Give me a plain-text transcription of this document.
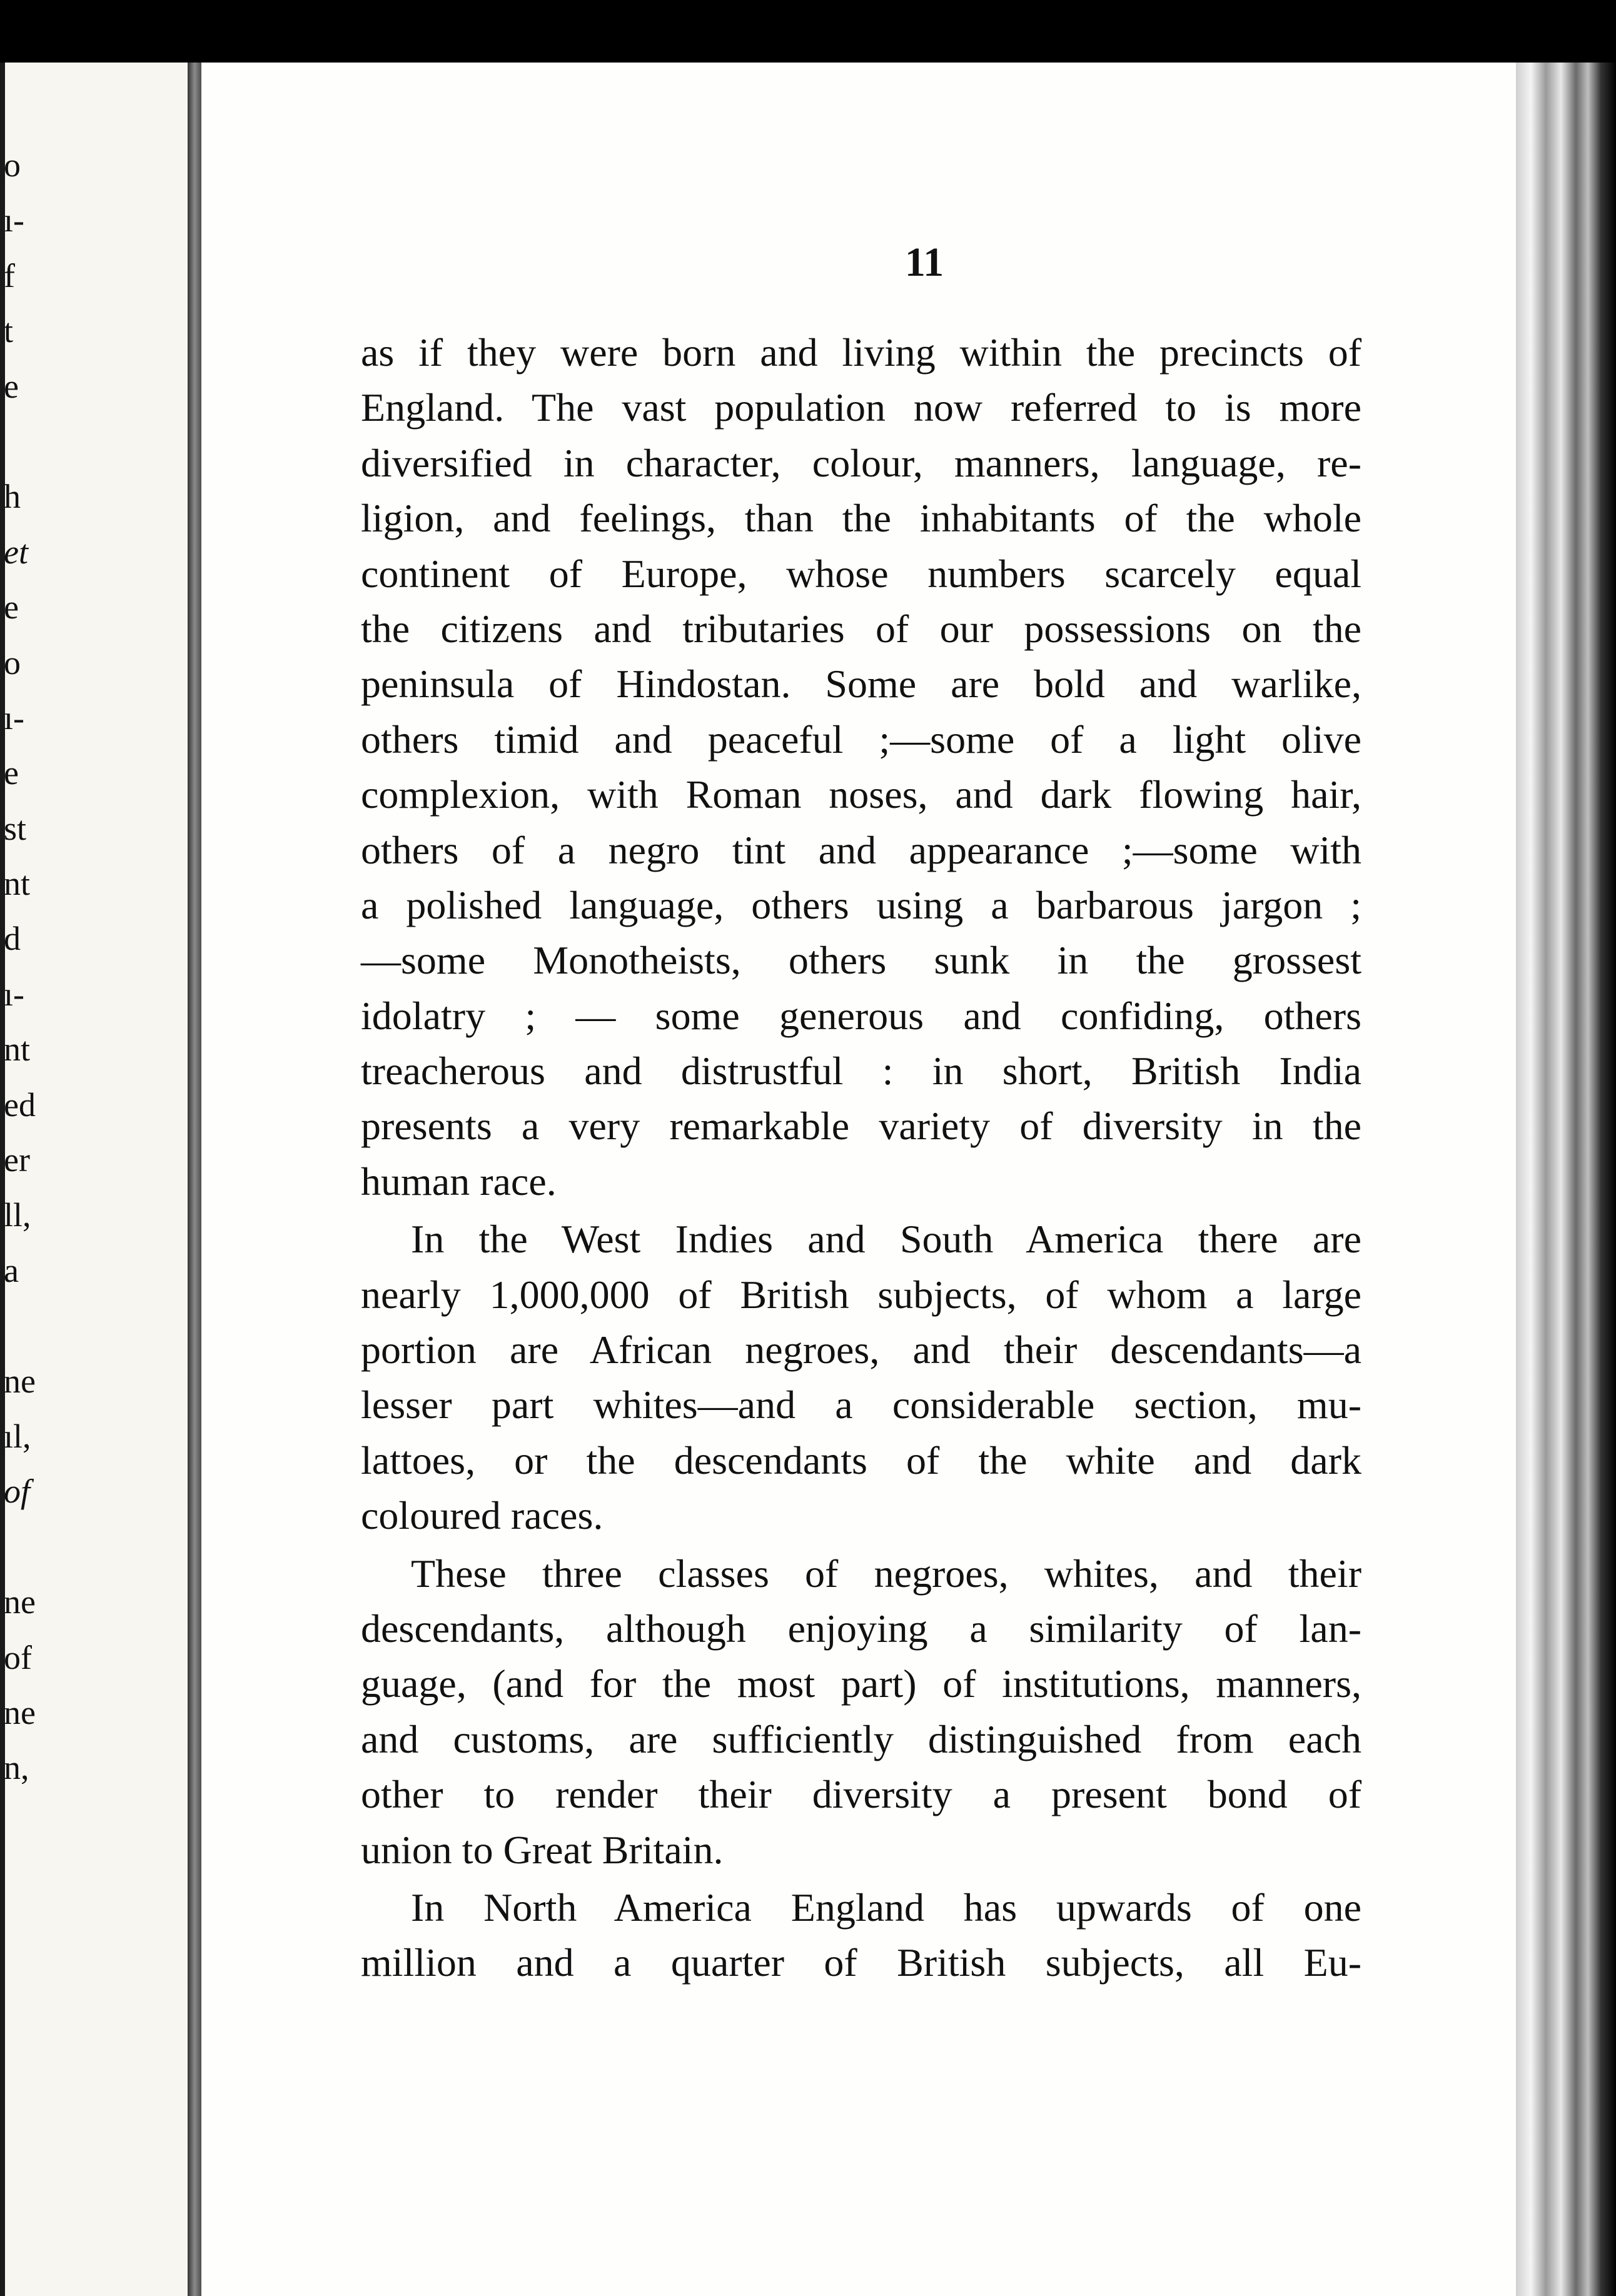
o
ı-
f
t
e
h
et
e
o
ı-
e
st
nt
d
ı-
nt
ed
er
ll,
a
ne
ıl,
of
ne
of
ne
n,
11
as if they were born and living within the precincts of
England. The vast population now referred to is more
diversified in character, colour, manners, language, re-
ligion, and feelings, than the inhabitants of the whole
continent of Europe, whose numbers scarcely equal
the citizens and tributaries of our possessions on the
peninsula of Hindostan. Some are bold and warlike,
others timid and peaceful ;—some of a light olive
complexion, with Roman noses, and dark flowing hair,
others of a negro tint and appearance ;—some with
a polished language, others using a barbarous jargon ;
—some Monotheists, others sunk in the grossest
idolatry ; — some generous and confiding, others
treacherous and distrustful : in short, British India
presents a very remarkable variety of diversity in the
human race.
In the West Indies and South America there are
nearly 1,000,000 of British subjects, of whom a large
portion are African negroes, and their descendants—a
lesser part whites—and a considerable section, mu-
lattoes, or the descendants of the white and dark
coloured races.
These three classes of negroes, whites, and their
descendants, although enjoying a similarity of lan-
guage, (and for the most part) of institutions, manners,
and customs, are sufficiently distinguished from each
other to render their diversity a present bond of
union to Great Britain.
In North America England has upwards of one
million and a quarter of British subjects, all Eu-
